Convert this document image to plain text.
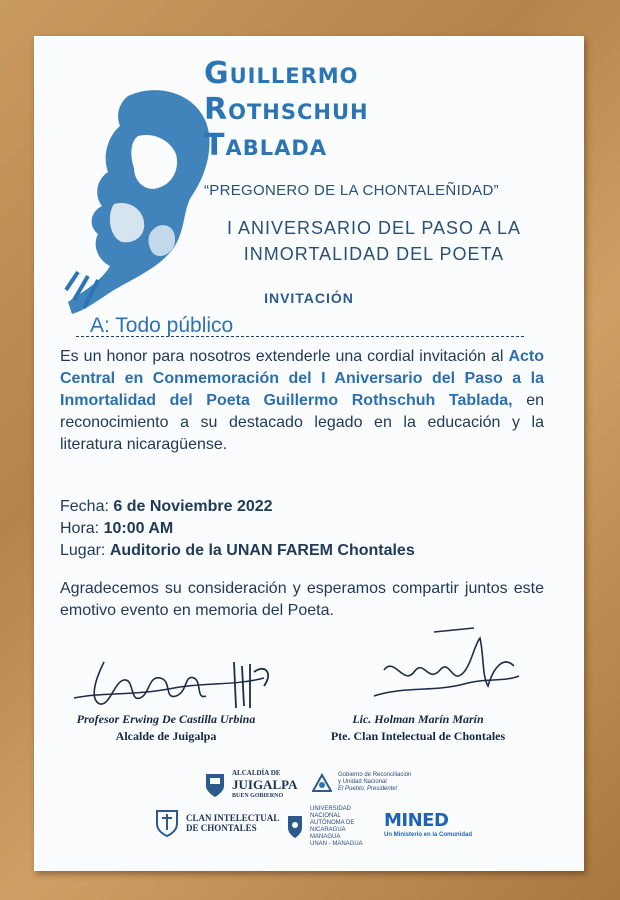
Guillermo
Rothschuh
Tablada
“PREGONERO DE LA CHONTALEÑIDAD”
I ANIVERSARIO DEL PASO A LA
INMORTALIDAD DEL POETA
INVITACIÓN
A: Todo público
Es un honor para nosotros extenderle una cordial invitación al Acto Central en Conmemoración del I Aniversario del Paso a la Inmortalidad del Poeta Guillermo Rothschuh Tablada, en reconocimiento a su destacado legado en la educación y la literatura nicaragüense.
Fecha: 6 de Noviembre 2022
Hora: 10:00 AM
Lugar: Auditorio de la UNAN FAREM Chontales
Agradecemos su consideración y esperamos compartir juntos este emotivo evento en memoria del Poeta.
Profesor Erwing De Castilla Urbina
Alcalde de Juigalpa
Lic. Holman Marín Marín
Pte. Clan Intelectual de Chontales
ALCALDÍA DE
JUIGALPA
BUEN GOBIERNO
Gobierno de Reconciliación
y Unidad Nacional
El Pueblo, Presidente!
CLAN INTELECTUAL
DE CHONTALES
UNIVERSIDAD
NACIONAL
AUTÓNOMA DE
NICARAGUA
MANAGUA
UNAN - MANAGUA
MINED
Un Ministerio en la Comunidad
